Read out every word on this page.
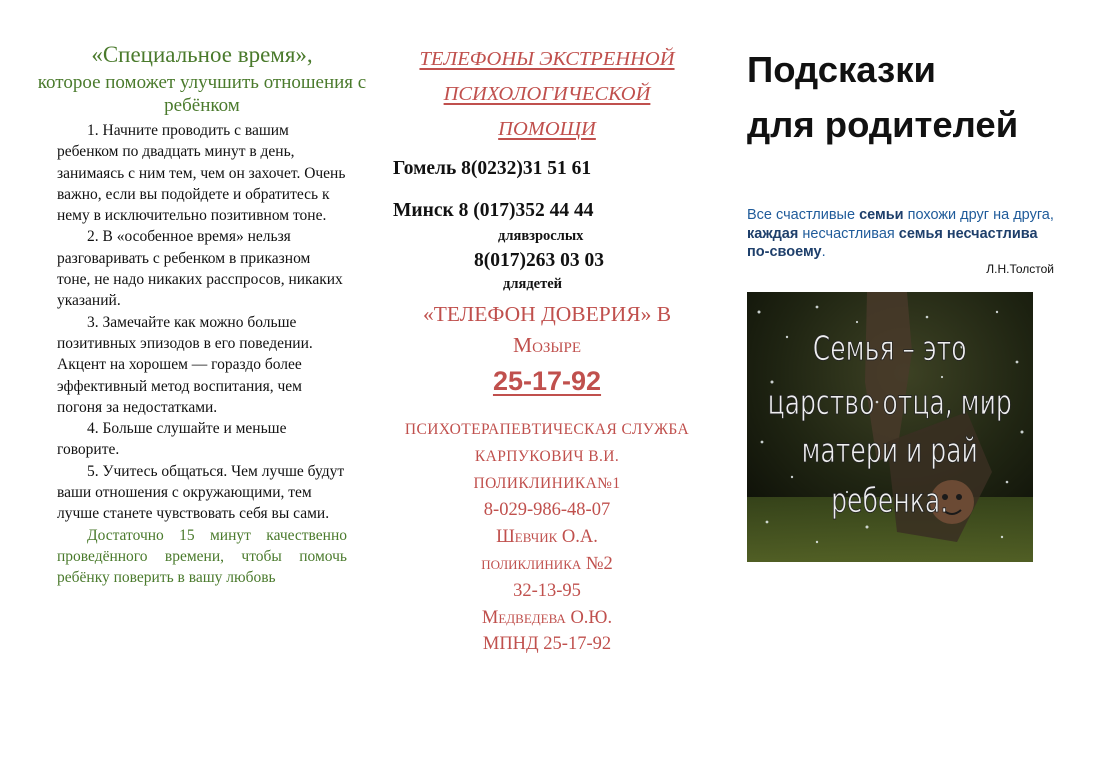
«Специальное время»,
которое поможет улучшить отношения с ребёнком

1. Начните проводить с вашим ребенком по двадцать минут в день, занимаясь с ним тем, чем он захочет. Очень важно, если вы подойдете и обратитесь к нему в исключительно позитивном тоне.

2. В «особенное время» нельзя разговаривать с ребенком в приказном тоне, не надо никаких расспросов, никаких указаний.

3. Замечайте как можно больше позитивных эпизодов в его поведении. Акцент на хорошем — гораздо более эффективный метод воспитания, чем погоня за недостатками.

4. Больше слушайте и меньше говорите.

5. Учитесь общаться. Чем лучше будут ваши отношения с окружающими, тем лучше станете чувствовать себя вы сами.

Достаточно 15 минут качественно проведённого времени, чтобы помочь ребёнку поверить в вашу любовь

ТЕЛЕФОНЫ ЭКСТРЕННОЙ
ПСИХОЛОГИЧЕСКОЙ
ПОМОЩИ
Гомель 8(0232)31 51 61
Минск 8 (017)352 44 44
длявзрослых
8(017)263 03 03
длядетей
«ТЕЛЕФОН ДОВЕРИЯ» В
Мозыре
25-17-92
ПСИХОТЕРАПЕВТИЧЕСКАЯ СЛУЖБА
КАРПУКОВИЧ В.И.
ПОЛИКЛИНИКА№1
8-029-986-48-07
Шевчик О.А.
поликлиника №2
32-13-95
Медведева О.Ю.
МПНД 25-17-92
Подсказки
для родителей
Все счастливые семьи похожи друг на друга, каждая несчастливая семья несчастлива по-своему.
Л.Н.Толстой
Семья – это
царство отца, мир
матери и рай
ребенка.
